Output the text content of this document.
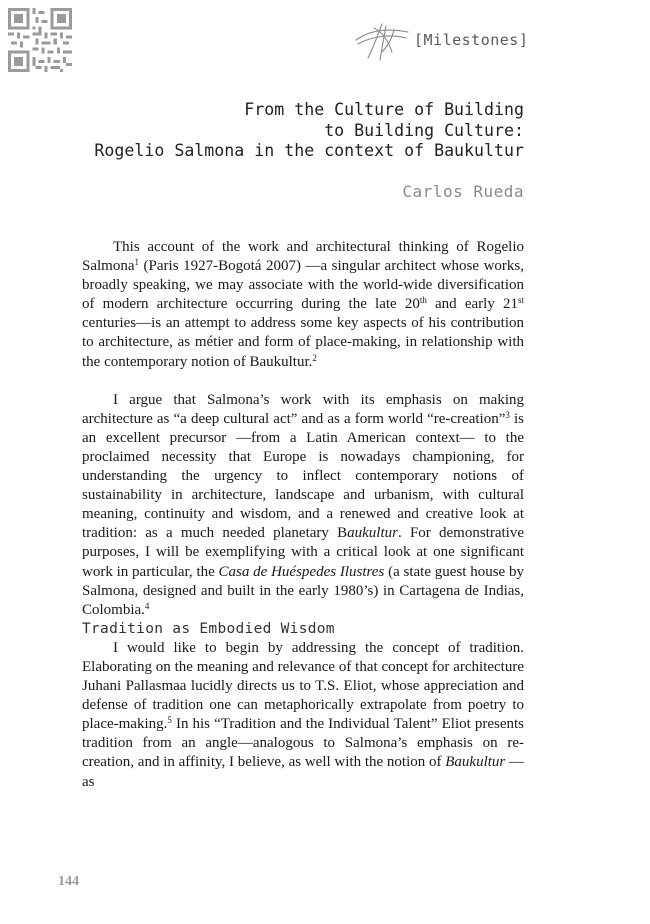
[Milestones]
From the Culture of Building
to Building Culture:
Rogelio Salmona in the context of Baukultur
Carlos Rueda

This account of the work and architectural thinking of Rogelio Salmona$^1$ (Paris 1927-Bogotá 2007) —a singular architect whose works, broadly speaking, we may associate with the world-wide diversification of modern architecture occurring during the late 20th and early 21st centuries—is an attempt to address some key aspects of his contribution to architecture, as métier and form of place-making, in relationship with the contemporary notion of Baukultur.$^2$

I argue that Salmona’s work with its emphasis on making architecture as “a deep cultural act” and as a form world “re-creation”$^3$ is an excellent precursor —from a Latin American context— to the proclaimed necessity that Europe is nowadays championing, for understanding the urgency to inflect contemporary notions of sustainability in architecture, landscape and urbanism, with cultural meaning, continuity and wisdom, and a renewed and creative look at tradition: as a much needed planetary Baukultur. For demonstrative purposes, I will be exemplifying with a critical look at one significant work in particular, the Casa de Huéspedes Ilustres (a state guest house by Salmona, designed and built in the early 1980’s) in Cartagena de Indias, Colombia.$^4$

Tradition as Embodied Wisdom

I would like to begin by addressing the concept of tradition. Elaborating on the meaning and relevance of that concept for architecture Juhani Pallasmaa lucidly directs us to T.S. Eliot, whose appreciation and defense of tradition one can metaphorically extrapolate from poetry to place-making.$^5$ In his “Tradition and the Individual Talent” Eliot presents tradition from an angle—analogous to Salmona’s emphasis on re-creation, and in affinity, I believe, as well with the notion of Baukultur —as

144
